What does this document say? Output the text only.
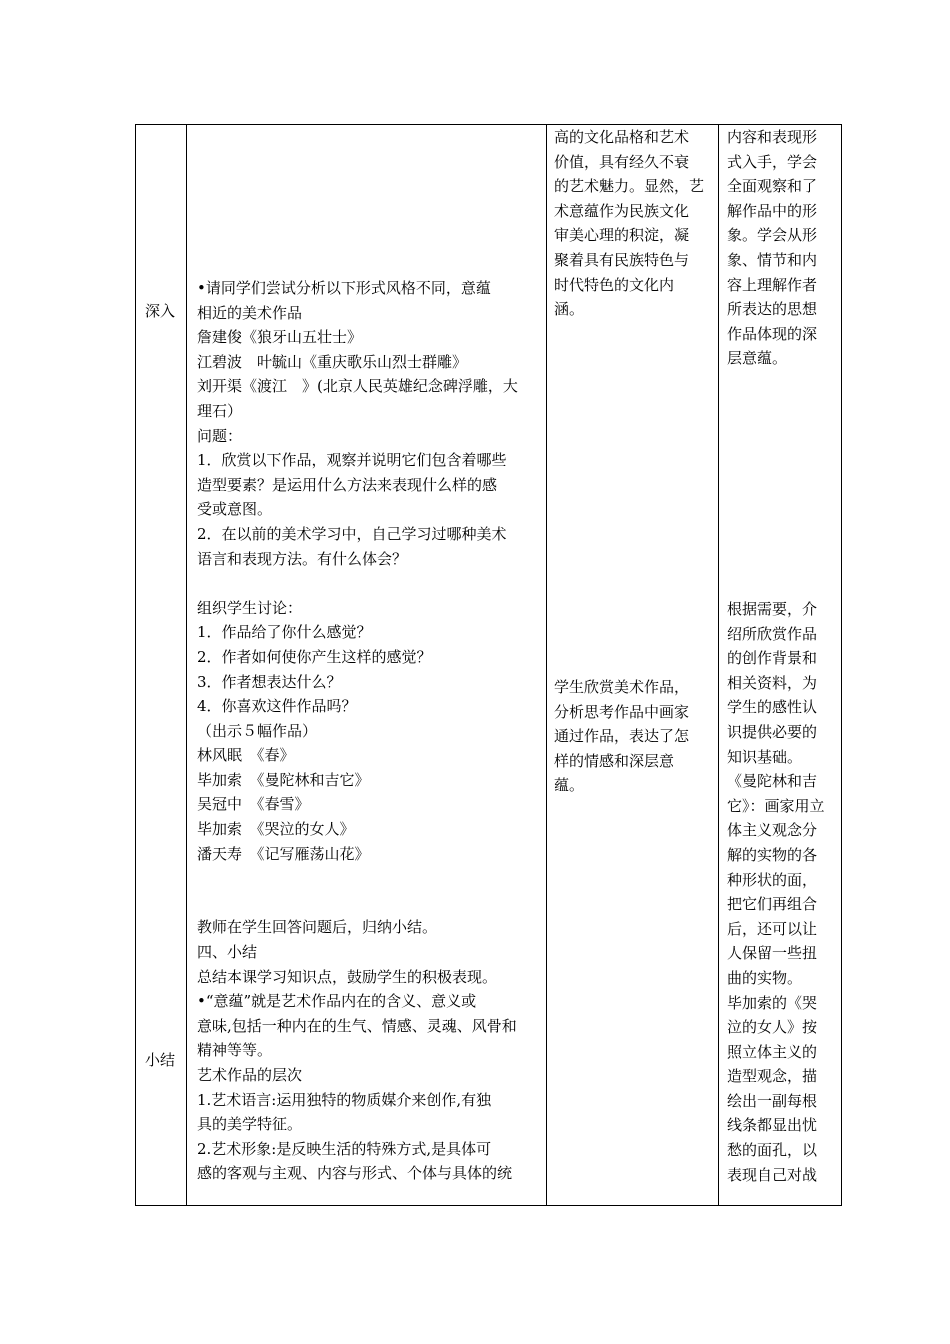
深入
小结
•请同学们尝试分析以下形式风格不同，意蕴
相近的美术作品
詹建俊《狼牙山五壮士》
江碧波　叶毓山《重庆歌乐山烈士群雕》
刘开渠《渡江　》(北京人民英雄纪念碑浮雕，大
理石）
问题：
1．欣赏以下作品，观察并说明它们包含着哪些
造型要素？是运用什么方法来表现什么样的感
受或意图。
2．在以前的美术学习中，自己学习过哪种美术
语言和表现方法。有什么体会？
组织学生讨论：
1．作品给了你什么感觉？
2．作者如何使你产生这样的感觉？
3．作者想表达什么？
4．你喜欢这件作品吗？
（出示５幅作品）
林风眠　《春》
毕加索　《曼陀林和吉它》
吴冠中　《春雪》
毕加索　《哭泣的女人》
潘天寿　《记写雁荡山花》
教师在学生回答问题后，归纳小结。
四、小结
总结本课学习知识点，鼓励学生的积极表现。
•“意蕴”就是艺术作品内在的含义、意义或
意味,包括一种内在的生气、情感、灵魂、风骨和
精神等等。
艺术作品的层次
1.艺术语言:运用独特的物质媒介来创作,有独
具的美学特征。
2.艺术形象:是反映生活的特殊方式,是具体可
感的客观与主观、内容与形式、个体与具体的统
高的文化品格和艺术
价值，具有经久不衰
的艺术魅力。显然，艺
术意蕴作为民族文化
审美心理的积淀，凝
聚着具有民族特色与
时代特色的文化内
涵。
学生欣赏美术作品，
分析思考作品中画家
通过作品，表达了怎
样的情感和深层意
蕴。
内容和表现形
式入手，学会
全面观察和了
解作品中的形
象。学会从形
象、情节和内
容上理解作者
所表达的思想
作品体现的深
层意蕴。
根据需要，介
绍所欣赏作品
的创作背景和
相关资料，为
学生的感性认
识提供必要的
知识基础。
《曼陀林和吉
它》：画家用立
体主义观念分
解的实物的各
种形状的面，
把它们再组合
后，还可以让
人保留一些扭
曲的实物。
毕加索的《哭
泣的女人》按
照立体主义的
造型观念，描
绘出一副每根
线条都显出忧
愁的面孔，以
表现自己对战
